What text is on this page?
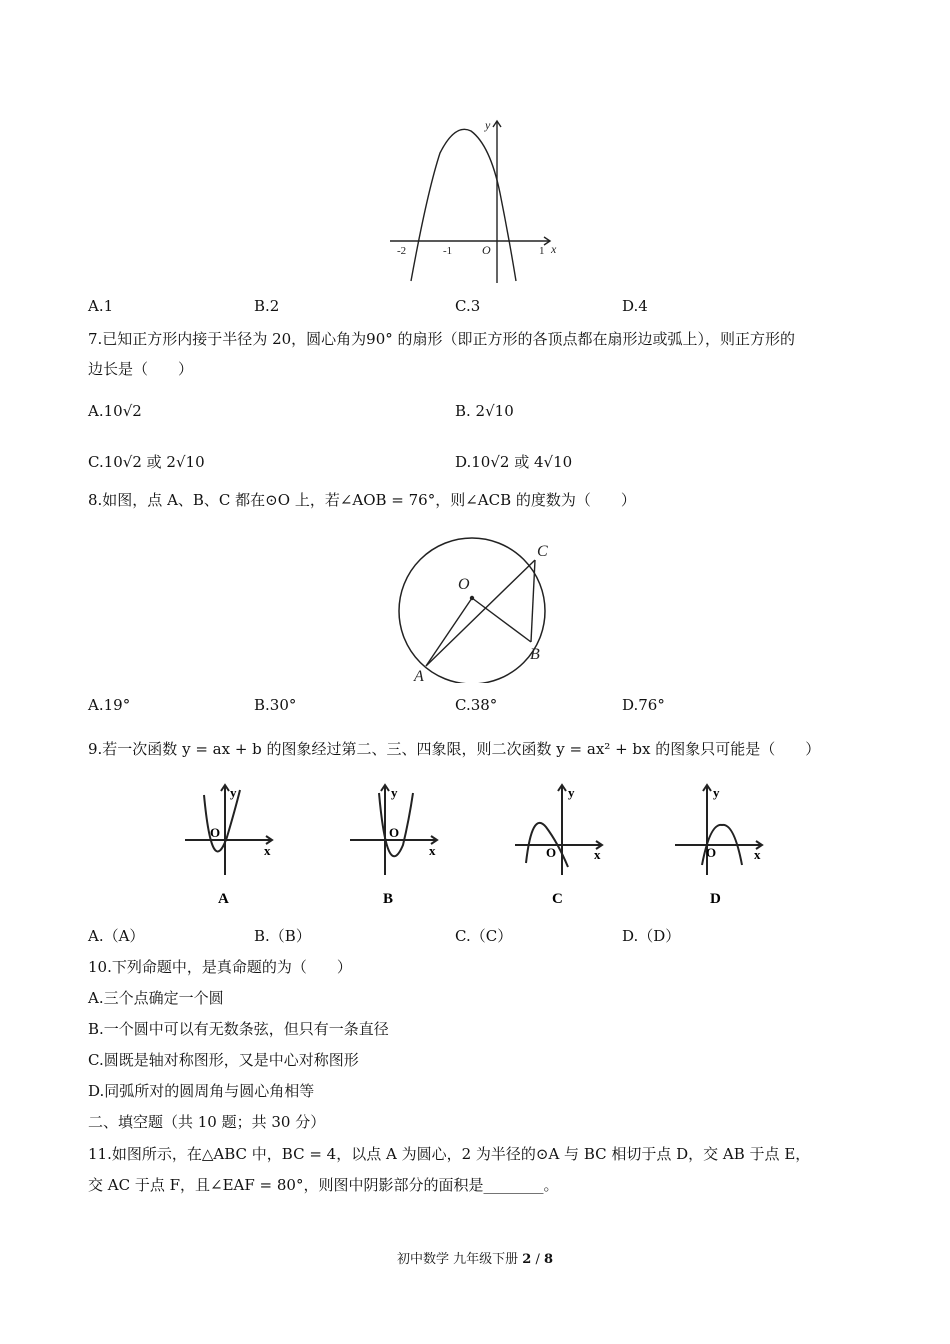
y
x
O
-2	-1	1
A.1	B.2	C.3	D.4
7.已知正方形内接于半径为 20，圆心角为90° 的扇形（即正方形的各顶点都在扇形边或弧上），则正方形的
边长是（　　）
A.10√2	B. 2√10
C.10√2 或 2√10	D.10√2 或 4√10
8.如图，点 A、B、C 都在⊙O 上，若∠AOB = 76°，则∠ACB 的度数为（　　）
O
A
B
C
A.19°	B.30°	C.38°	D.76°
9.若一次函数 y = ax + b 的图象经过第二、三、四象限，则二次函数 y = ax² + bx 的图象只可能是（　　）
y
x
O
A
y
x
O
B
y
x
O
C
y
x
O
D
A.（A）	B.（B）	C.（C）	D.（D）
10.下列命题中，是真命题的为（　　）
A.三个点确定一个圆
B.一个圆中可以有无数条弦，但只有一条直径
C.圆既是轴对称图形，又是中心对称图形
D.同弧所对的圆周角与圆心角相等
二、填空题（共 10 题；共 30 分）
11.如图所示，在△ABC 中，BC = 4，以点 A 为圆心，2 为半径的⊙A 与 BC 相切于点 D，交 AB 于点 E，
交 AC 于点 F，且∠EAF = 80°，则图中阴影部分的面积是________。
初中数学 九年级下册 2 / 8
